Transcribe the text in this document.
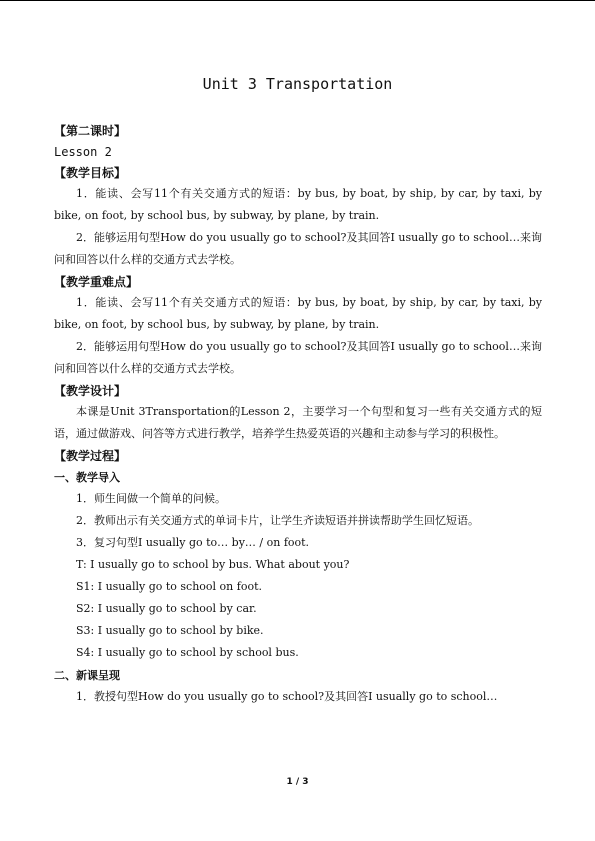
Unit 3 Transportation
【第二课时】
Lesson 2
【教学目标】
1．能读、会写11个有关交通方式的短语：by bus, by boat, by ship, by car, by taxi, by bike, on foot, by school bus, by subway, by plane, by train.
2．能够运用句型How do you usually go to school?及其回答I usually go to school…来询问和回答以什么样的交通方式去学校。
【教学重难点】
1．能读、会写11个有关交通方式的短语：by bus, by boat, by ship, by car, by taxi, by bike, on foot, by school bus, by subway, by plane, by train.
2．能够运用句型How do you usually go to school?及其回答I usually go to school…来询问和回答以什么样的交通方式去学校。
【教学设计】
本课是Unit 3Transportation的Lesson 2，主要学习一个句型和复习一些有关交通方式的短语，通过做游戏、问答等方式进行教学，培养学生热爱英语的兴趣和主动参与学习的积极性。
【教学过程】
一、教学导入
1．师生间做一个简单的问候。
2．教师出示有关交通方式的单词卡片，让学生齐读短语并拼读帮助学生回忆短语。
3．复习句型I usually go to… by… / on foot.
T: I usually go to school by bus. What about you?
S1: I usually go to school on foot.
S2: I usually go to school by car.
S3: I usually go to school by bike.
S4: I usually go to school by school bus.
二、新课呈现
1．教授句型How do you usually go to school?及其回答I usually go to school…
1 / 3
